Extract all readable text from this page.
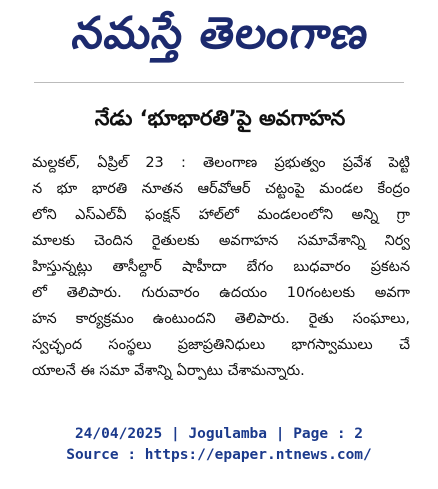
నమస్తే తెలంగాణ
నేడు ‘భూభారతి’పై అవగాహన
మల్దకల్, ఏప్రిల్ 23 : తెలంగాణ ప్రభుత్వం ప్రవేశ పెట్టి
న భూ భారతి నూతన ఆర్‌వోఆర్ చట్టంపై మండల కేంద్రం
లోని ఎస్‌ఎల్‌వీ ఫంక్షన్ హాల్‌లో మండలంలోని అన్ని గ్రా
మాలకు చెందిన రైతులకు అవగాహన సమావేశాన్ని నిర్వ
హిస్తున్నట్లు తాసీల్దార్ షాహీదా బేగం బుధవారం ప్రకటన
లో తెలిపారు. గురువారం ఉదయం 10గంటలకు అవగా
హన కార్యక్రమం ఉంటుందని తెలిపారు. రైతు సంఘాలు,
స్వచ్ఛంద సంస్థలు ప్రజాప్రతినిధులు భాగస్వాములు చే
యాలనే ఈ సమా వేశాన్ని ఏర్పాటు చేశామన్నారు.
24/04/2025 | Jogulamba | Page : 2
Source : https://epaper.ntnews.com/
